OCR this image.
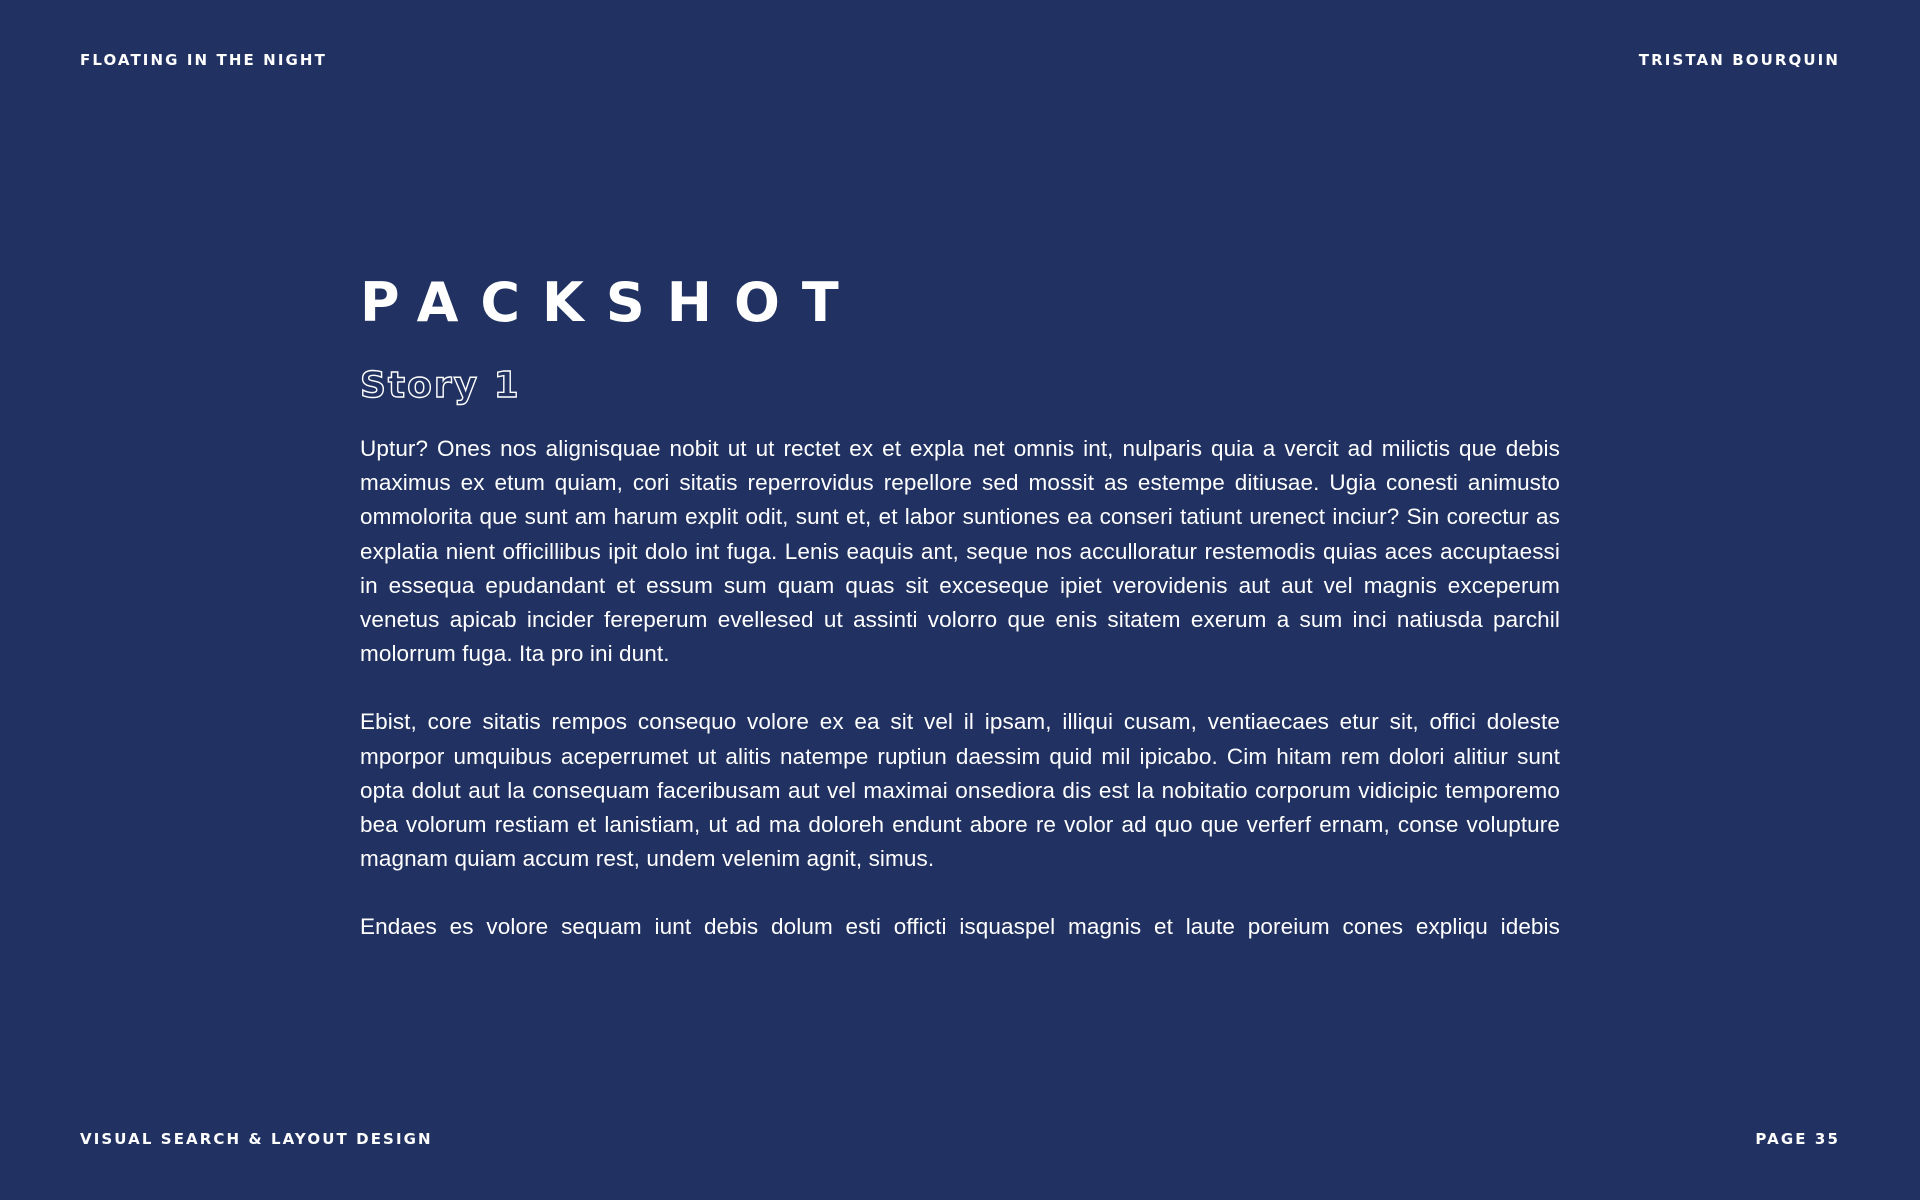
FLOATING IN THE NIGHT	TRISTAN BOURQUIN
PACKSHOT
Story 1

Uptur? Ones nos alignisquae nobit ut ut rectet ex et expla net omnis int, nulparis quia a vercit ad milictis que debis maximus ex etum quiam, cori sitatis reperrovidus repellore sed mossit as estempe ditiusae. Ugia conesti animusto ommolorita que sunt am harum explit odit, sunt et, et labor suntiones ea conseri tatiunt urenect inciur? Sin corectur as explatia nient officillibus ipit dolo int fuga. Lenis eaquis ant, seque nos acculloratur restemodis quias aces accuptaessi in essequa epudandant et essum sum quam quas sit exceseque ipiet verovidenis aut aut vel magnis exceperum venetus apicab incider fereperum evellesed ut assinti volorro que enis sitatem exerum a sum inci natiusda parchil molorrum fuga. Ita pro ini dunt.

Ebist, core sitatis rempos consequo volore ex ea sit vel il ipsam, illiqui cusam, ventiaecaes etur sit, offici doleste mporpor umquibus aceperrumet ut alitis natempe ruptiun daessim quid mil ipicabo. Cim hitam rem dolori alitiur sunt opta dolut aut la consequam faceribusam aut vel maximai onsediora dis est la nobitatio corporum vidicipic temporemo bea volorum restiam et lanistiam, ut ad ma doloreh endunt abore re volor ad quo que verferf ernam, conse volupture magnam quiam accum rest, undem velenim agnit, simus.

Endaes es volore sequam iunt debis dolum esti officti isquaspel magnis et laute poreium cones expliqu idebis

VISUAL SEARCH & LAYOUT DESIGN	PAGE 35
